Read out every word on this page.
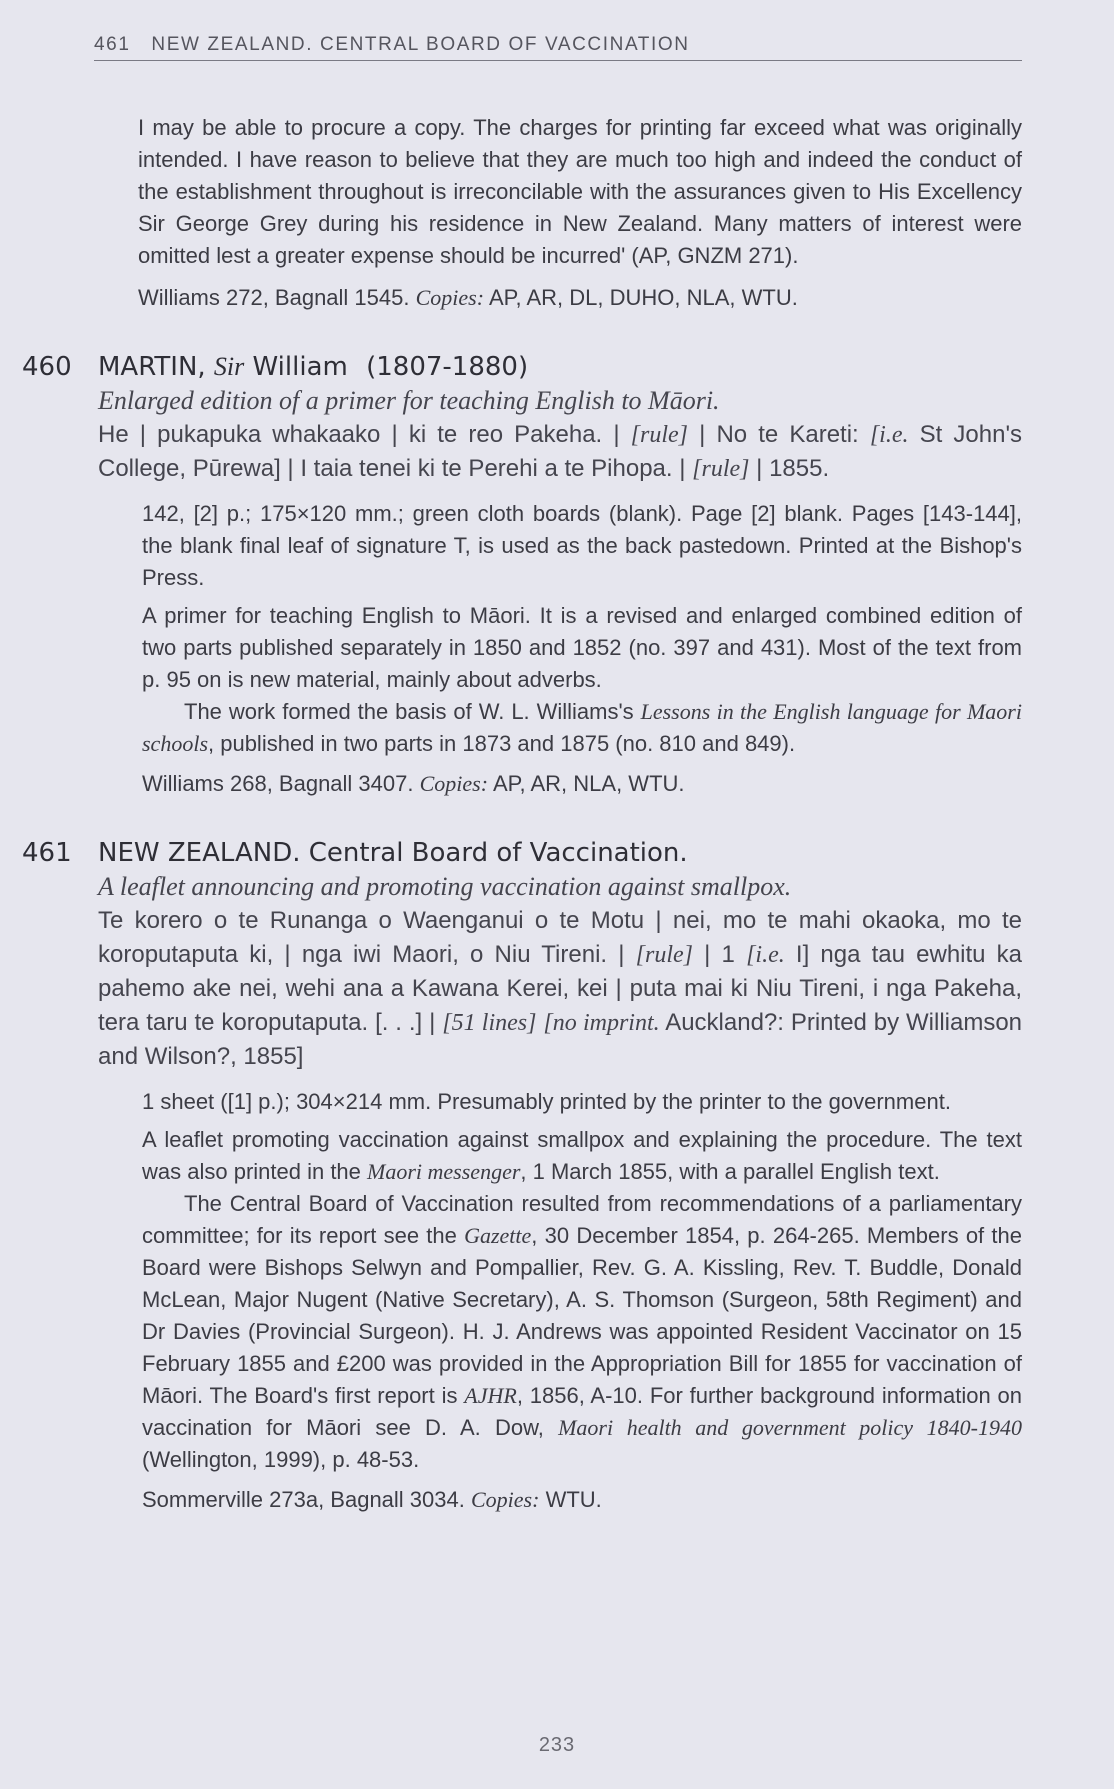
461 NEW ZEALAND. CENTRAL BOARD OF VACCINATION

I may be able to procure a copy. The charges for printing far exceed what was originally intended. I have reason to believe that they are much too high and indeed the conduct of the establishment throughout is irreconcilable with the assurances given to His Excellency Sir George Grey during his residence in New Zealand. Many matters of interest were omitted lest a greater expense should be incurred' (AP, GNZM 271).

Williams 272, Bagnall 1545. Copies: AP, AR, DL, DUHO, NLA, WTU.

460 MARTIN, Sir William (1807-1880)
Enlarged edition of a primer for teaching English to Māori.
He | pukapuka whakaako | ki te reo Pakeha. | [rule] | No te Kareti: [i.e. St John's College, Pūrewa] | I taia tenei ki te Perehi a te Pihopa. | [rule] | 1855.

142, [2] p.; 175×120 mm.; green cloth boards (blank). Page [2] blank. Pages [143-144], the blank final leaf of signature T, is used as the back pastedown. Printed at the Bishop's Press.

A primer for teaching English to Māori. It is a revised and enlarged combined edition of two parts published separately in 1850 and 1852 (no. 397 and 431). Most of the text from p. 95 on is new material, mainly about adverbs.

The work formed the basis of W. L. Williams's Lessons in the English language for Maori schools, published in two parts in 1873 and 1875 (no. 810 and 849).

Williams 268, Bagnall 3407. Copies: AP, AR, NLA, WTU.

461 NEW ZEALAND. Central Board of Vaccination.
A leaflet announcing and promoting vaccination against smallpox.
Te korero o te Runanga o Waenganui o te Motu | nei, mo te mahi okaoka, mo te koroputaputa ki, | nga iwi Maori, o Niu Tireni. | [rule] | 1 [i.e. I] nga tau ewhitu ka pahemo ake nei, wehi ana a Kawana Kerei, kei | puta mai ki Niu Tireni, i nga Pakeha, tera taru te koroputaputa. [. . .] | [51 lines] [no imprint. Auckland?: Printed by Williamson and Wilson?, 1855]

1 sheet ([1] p.); 304×214 mm. Presumably printed by the printer to the government.

A leaflet promoting vaccination against smallpox and explaining the procedure. The text was also printed in the Maori messenger, 1 March 1855, with a parallel English text.

The Central Board of Vaccination resulted from recommendations of a parliamentary committee; for its report see the Gazette, 30 December 1854, p. 264-265. Members of the Board were Bishops Selwyn and Pompallier, Rev. G. A. Kissling, Rev. T. Buddle, Donald McLean, Major Nugent (Native Secretary), A. S. Thomson (Surgeon, 58th Regiment) and Dr Davies (Provincial Surgeon). H. J. Andrews was appointed Resident Vaccinator on 15 February 1855 and £200 was provided in the Appropriation Bill for 1855 for vaccination of Māori. The Board's first report is AJHR, 1856, A-10. For further background information on vaccination for Māori see D. A. Dow, Maori health and government policy 1840-1940 (Wellington, 1999), p. 48-53.

Sommerville 273a, Bagnall 3034. Copies: WTU.

233
